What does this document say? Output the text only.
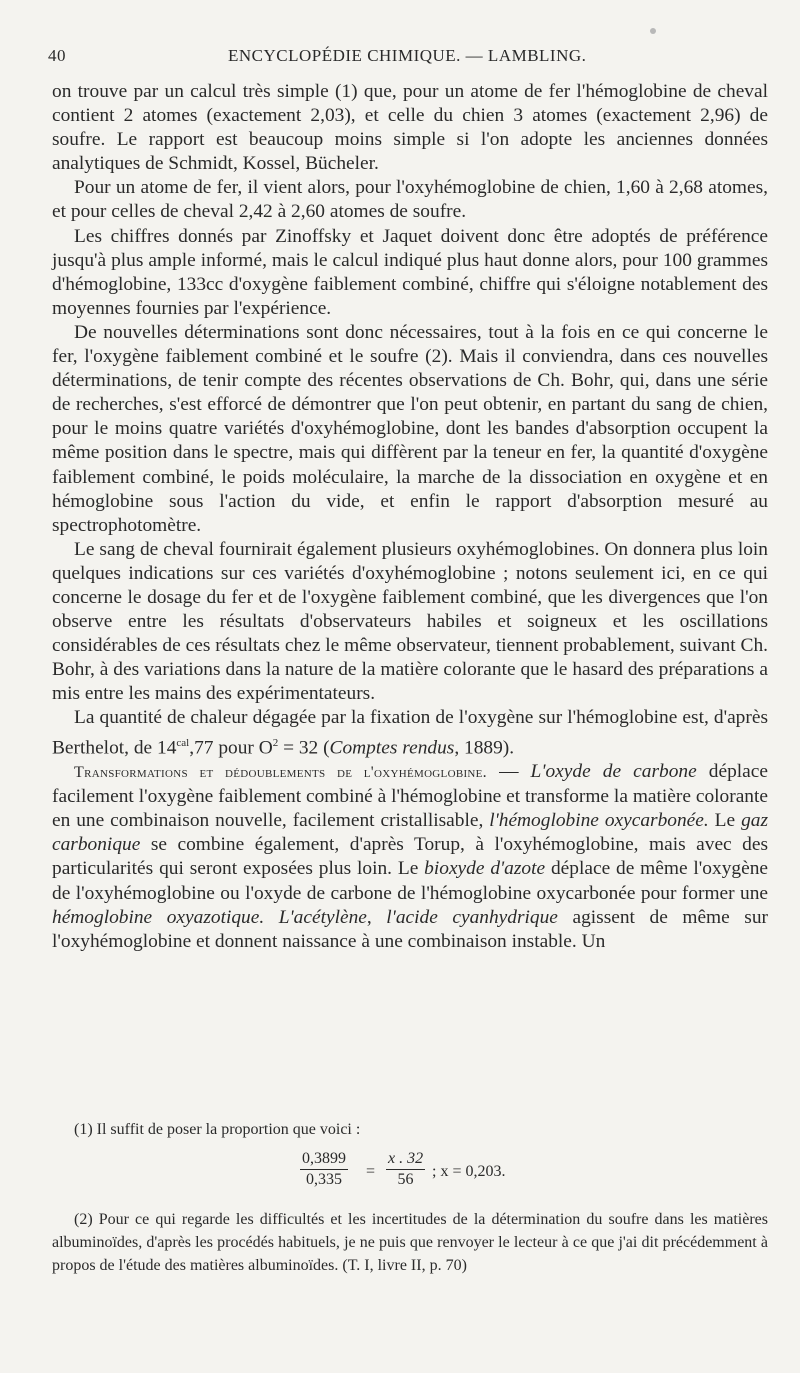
40	ENCYCLOPÉDIE CHIMIQUE. — LAMBLING.

on trouve par un calcul très simple (1) que, pour un atome de fer l'hémoglobine de cheval contient 2 atomes (exactement 2,03), et celle du chien 3 atomes (exactement 2,96) de soufre. Le rapport est beaucoup moins simple si l'on adopte les anciennes données analytiques de Schmidt, Kossel, Bücheler.

Pour un atome de fer, il vient alors, pour l'oxyhémoglobine de chien, 1,60 à 2,68 atomes, et pour celles de cheval 2,42 à 2,60 atomes de soufre.

Les chiffres donnés par Zinoffsky et Jaquet doivent donc être adoptés de préférence jusqu'à plus ample informé, mais le calcul indiqué plus haut donne alors, pour 100 grammes d'hémoglobine, 133cc d'oxygène faiblement combiné, chiffre qui s'éloigne notablement des moyennes fournies par l'expérience.

De nouvelles déterminations sont donc nécessaires, tout à la fois en ce qui concerne le fer, l'oxygène faiblement combiné et le soufre (2). Mais il conviendra, dans ces nouvelles déterminations, de tenir compte des récentes observations de Ch. Bohr, qui, dans une série de recherches, s'est efforcé de démontrer que l'on peut obtenir, en partant du sang de chien, pour le moins quatre variétés d'oxyhémoglobine, dont les bandes d'absorption occupent la même position dans le spectre, mais qui diffèrent par la teneur en fer, la quantité d'oxygène faiblement combiné, le poids moléculaire, la marche de la dissociation en oxygène et en hémoglobine sous l'action du vide, et enfin le rapport d'absorption mesuré au spectrophotomètre.

Le sang de cheval fournirait également plusieurs oxyhémoglobines. On donnera plus loin quelques indications sur ces variétés d'oxyhémoglobine ; notons seulement ici, en ce qui concerne le dosage du fer et de l'oxygène faiblement combiné, que les divergences que l'on observe entre les résultats d'observateurs habiles et soigneux et les oscillations considérables de ces résultats chez le même observateur, tiennent probablement, suivant Ch. Bohr, à des variations dans la nature de la matière colorante que le hasard des préparations a mis entre les mains des expérimentateurs.

La quantité de chaleur dégagée par la fixation de l'oxygène sur l'hémoglobine est, d'après Berthelot, de $14^{cal},77$ pour $O^2 = 32$ (Comptes rendus, 1889).

Transformations et dédoublements de l'oxyhémoglobine. — L'oxyde de carbone déplace facilement l'oxygène faiblement combiné à l'hémoglobine et transforme la matière colorante en une combinaison nouvelle, facilement cristallisable, l'hémoglobine oxycarbonée. Le gaz carbonique se combine également, d'après Torup, à l'oxyhémoglobine, mais avec des particularités qui seront exposées plus loin. Le bioxyde d'azote déplace de même l'oxygène de l'oxyhémoglobine ou l'oxyde de carbone de l'hémoglobine oxycarbonée pour former une hémoglobine oxyazotique. L'acétylène, l'acide cyanhydrique agissent de même sur l'oxyhémoglobine et donnent naissance à une combinaison instable. Un

(1) Il suffit de poser la proportion que voici :

$\frac{0,3899}{0,335} = \frac{x . 32}{56}$ ; x = 0,203.

(2) Pour ce qui regarde les difficultés et les incertitudes de la détermination du soufre dans les matières albuminoïdes, d'après les procédés habituels, je ne puis que renvoyer le lecteur à ce que j'ai dit précédemment à propos de l'étude des matières albuminoïdes. (T. I, livre II, p. 70)
